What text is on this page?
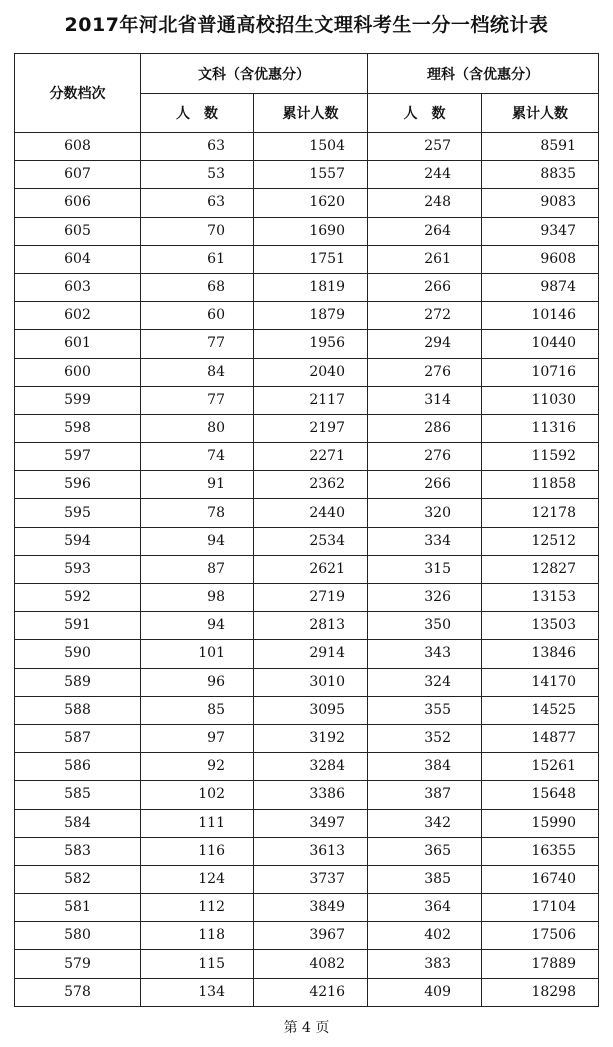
2017年河北省普通高校招生文理科考生一分一档统计表
分数档次	文科（含优惠分）		理科（含优惠分）	
	人　数	累计人数	人　数	累计人数
608	63	1504	257	8591
607	53	1557	244	8835
606	63	1620	248	9083
605	70	1690	264	9347
604	61	1751	261	9608
603	68	1819	266	9874
602	60	1879	272	10146
601	77	1956	294	10440
600	84	2040	276	10716
599	77	2117	314	11030
598	80	2197	286	11316
597	74	2271	276	11592
596	91	2362	266	11858
595	78	2440	320	12178
594	94	2534	334	12512
593	87	2621	315	12827
592	98	2719	326	13153
591	94	2813	350	13503
590	101	2914	343	13846
589	96	3010	324	14170
588	85	3095	355	14525
587	97	3192	352	14877
586	92	3284	384	15261
585	102	3386	387	15648
584	111	3497	342	15990
583	116	3613	365	16355
582	124	3737	385	16740
581	112	3849	364	17104
580	118	3967	402	17506
579	115	4082	383	17889
578	134	4216	409	18298
第 4 页
